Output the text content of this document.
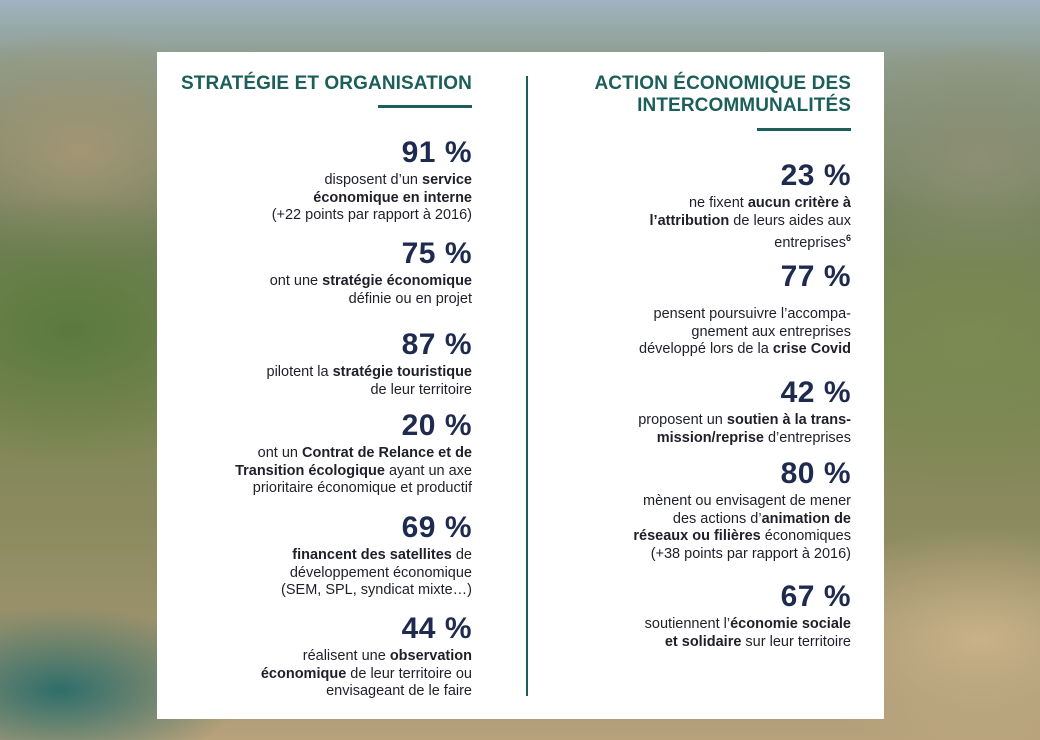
STRATÉGIE ET ORGANISATION
91 %
disposent d’un service
économique en interne
(+22 points par rapport à 2016)
75 %
ont une stratégie économique
définie ou en projet
87 %
pilotent la stratégie touristique
de leur territoire
20 %
ont un Contrat de Relance et de
Transition écologique ayant un axe
prioritaire économique et productif
69 %
financent des satellites de
développement économique
(SEM, SPL, syndicat mixte…)
44 %
réalisent une observation
économique de leur territoire ou
envisageant de le faire
ACTION ÉCONOMIQUE DES
INTERCOMMUNALITÉS
23 %
ne fixent aucun critère à
l’attribution de leurs aides aux
entreprises$^6$
77 %
pensent poursuivre l’accompa-
gnement aux entreprises
développé lors de la crise Covid
42 %
proposent un soutien à la trans-
mission/reprise d’entreprises
80 %
mènent ou envisagent de mener
des actions d’animation de
réseaux ou filières économiques
(+38 points par rapport à 2016)
67 %
soutiennent l’économie sociale
et solidaire sur leur territoire
